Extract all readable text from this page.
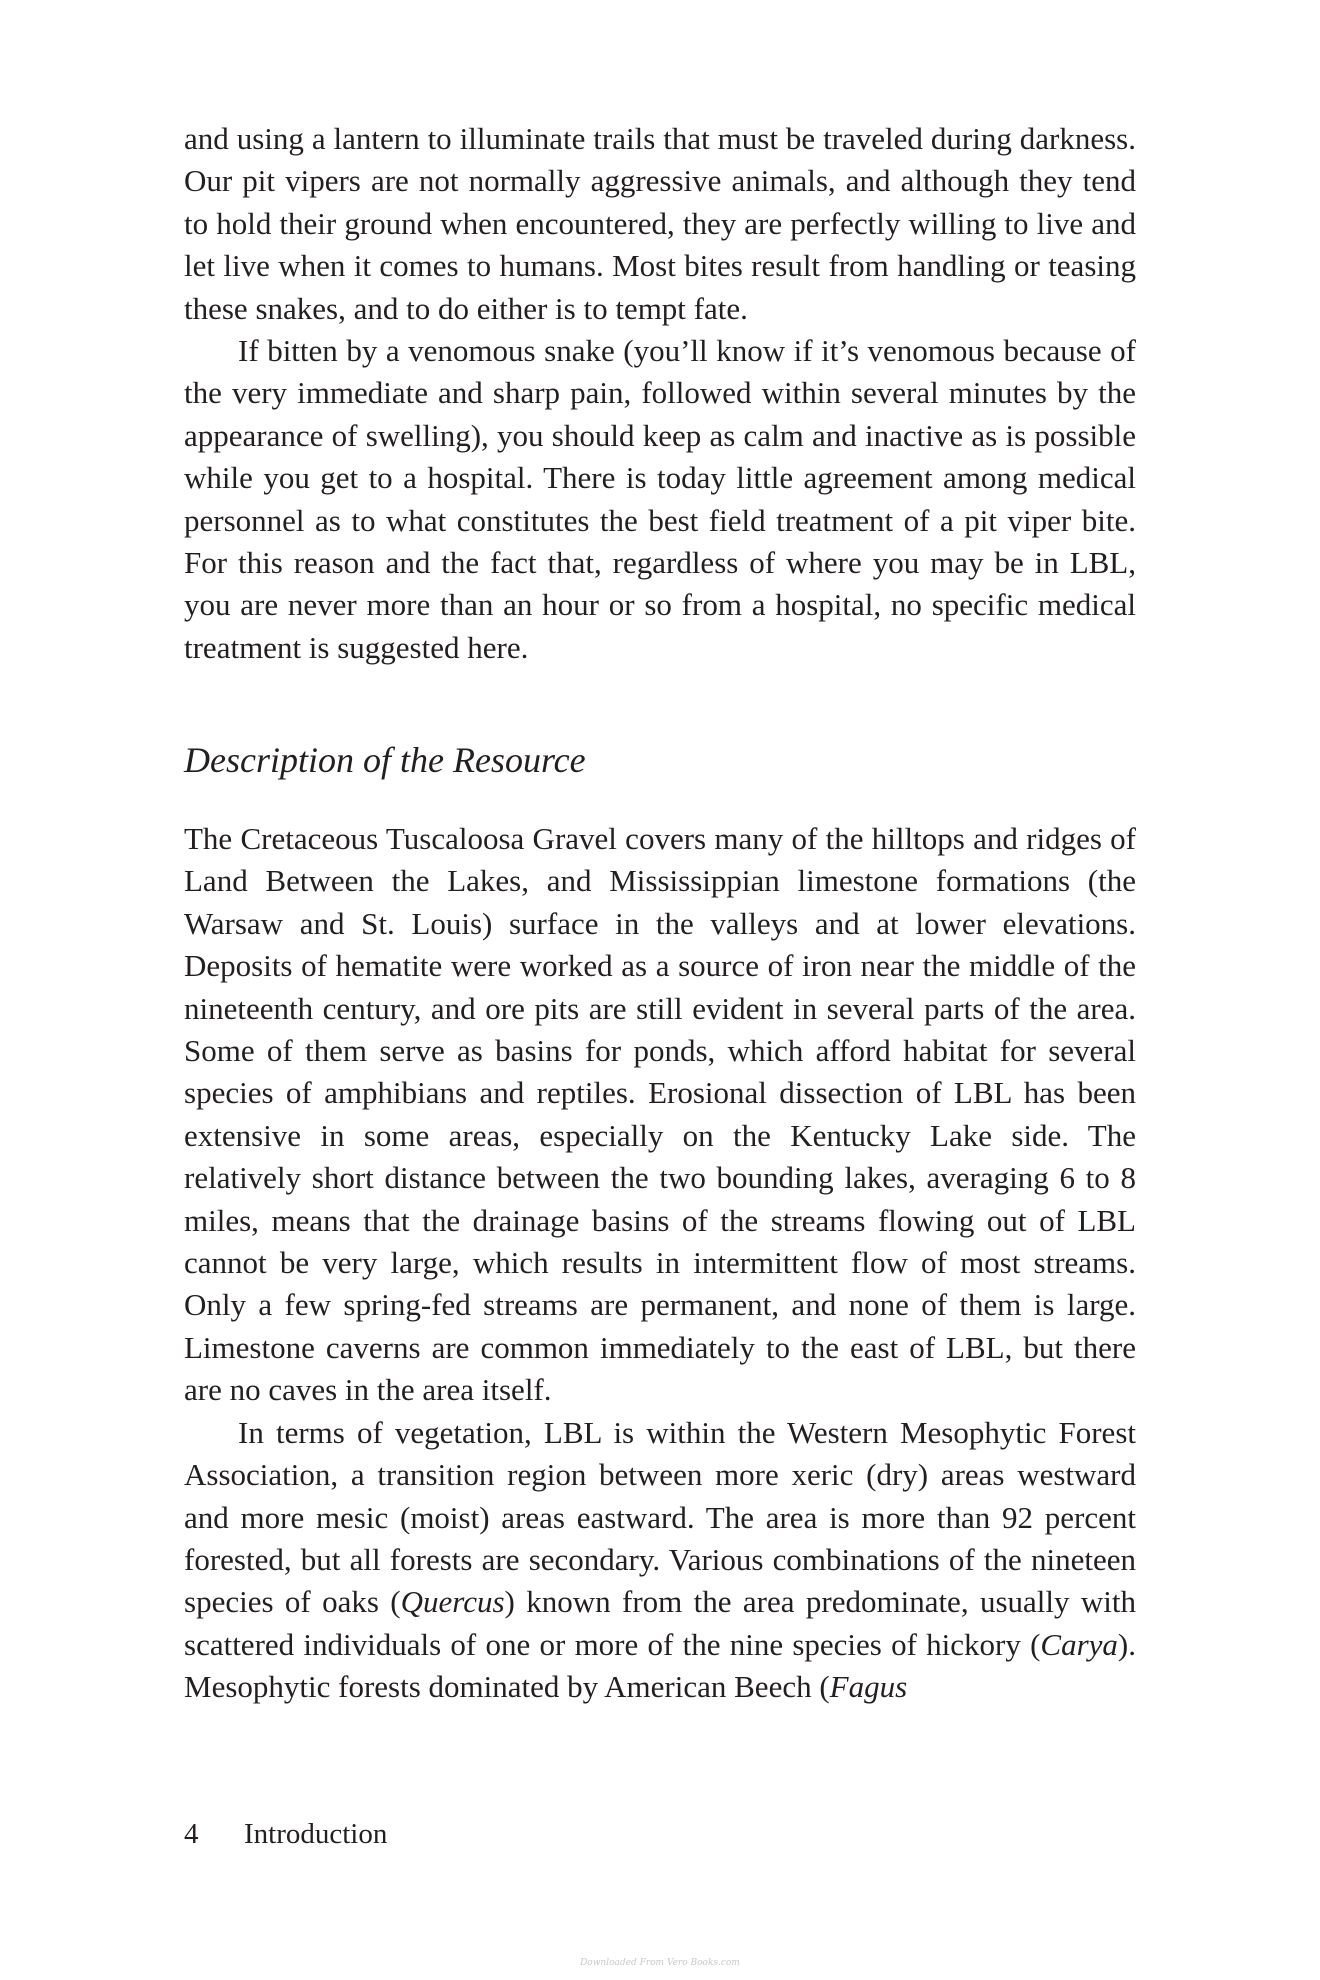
and using a lantern to illuminate trails that must be traveled during darkness. Our pit vipers are not normally aggressive animals, and although they tend to hold their ground when encountered, they are perfectly willing to live and let live when it comes to humans. Most bites result from handling or teasing these snakes, and to do either is to tempt fate.

If bitten by a venomous snake (you’ll know if it’s venomous because of the very immediate and sharp pain, followed within several minutes by the appearance of swelling), you should keep as calm and inactive as is possible while you get to a hospital. There is today little agreement among medical personnel as to what constitutes the best field treatment of a pit viper bite. For this reason and the fact that, regardless of where you may be in LBL, you are never more than an hour or so from a hospital, no specific medical treatment is suggested here.

Description of the Resource

The Cretaceous Tuscaloosa Gravel covers many of the hilltops and ridges of Land Between the Lakes, and Mississippian limestone formations (the Warsaw and St. Louis) surface in the valleys and at lower elevations. Deposits of hematite were worked as a source of iron near the middle of the nineteenth century, and ore pits are still evident in several parts of the area. Some of them serve as basins for ponds, which afford habitat for several species of amphibians and reptiles. Erosional dissection of LBL has been extensive in some areas, especially on the Kentucky Lake side. The relatively short distance between the two bounding lakes, averaging 6 to 8 miles, means that the drainage basins of the streams flowing out of LBL cannot be very large, which results in intermittent flow of most streams. Only a few spring-fed streams are permanent, and none of them is large. Limestone caverns are common immediately to the east of LBL, but there are no caves in the area itself.

In terms of vegetation, LBL is within the Western Mesophytic Forest Association, a transition region between more xeric (dry) areas westward and more mesic (moist) areas eastward. The area is more than 92 percent forested, but all forests are secondary. Various combinations of the nineteen species of oaks (Quercus) known from the area predominate, usually with scattered individuals of one or more of the nine species of hickory (Carya). Mesophytic forests dominated by American Beech (Fagus

4 Introduction
Downloaded From Vero Books.com
